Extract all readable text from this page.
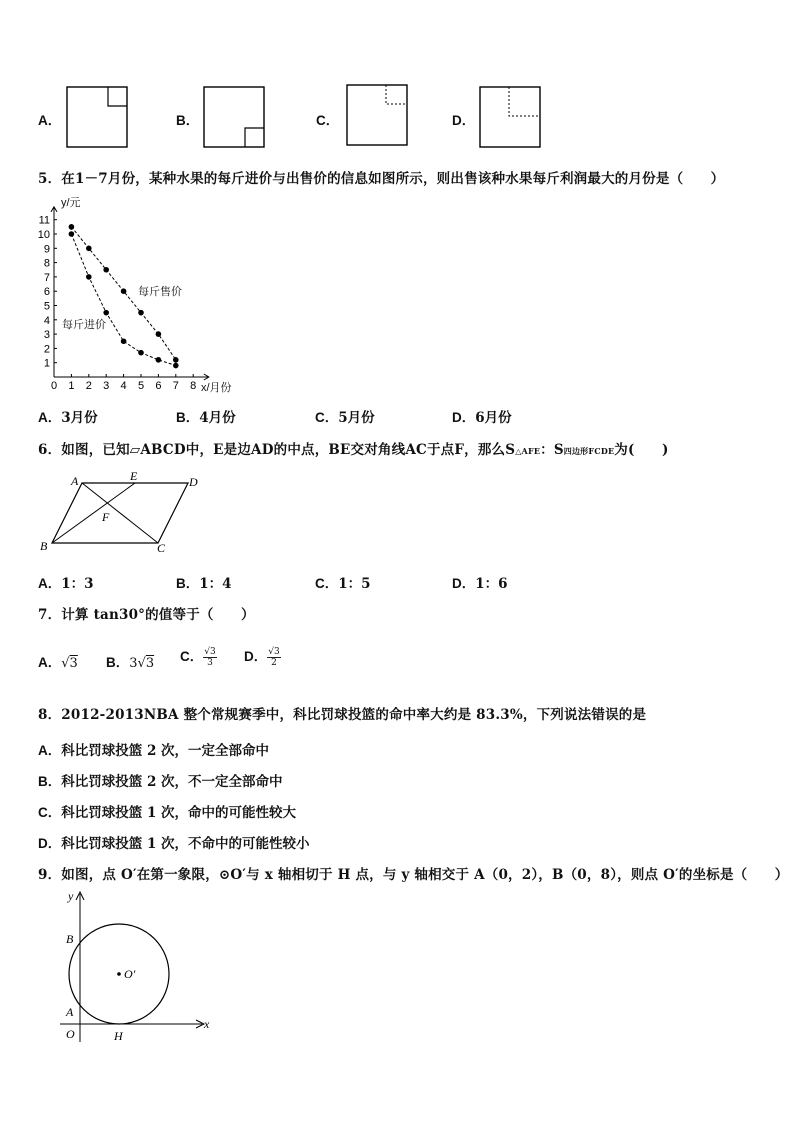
A．	B．	C．	D．
5．在1－7月份，某种水果的每斤进价与出售价的信息如图所示，则出售该种水果每斤利润最大的月份是（　　）
0 1 2 3 4 5 6 7 8
1
2
3
4
5
6
7
8
9
10
11
每斤售价
每斤进价
y/元
x/月份
A．3月份	B．4月份	C．5月份	D．6月份
6．如图，已知▱ABCD中，E是边AD的中点，BE交对角线AC于点F，那么S△AFE：S四边形FCDE为(　　)
A	E	D
F
B	C
A．1：3	B．1：4	C．1：5	D．1：6
7．计算 tan30°的值等于（　　）
A．√3 B．3√3 C． $\frac{√3}{3}$ D． $\frac{√3}{2}$
8．2012-2013NBA 整个常规赛季中，科比罚球投篮的命中率大约是 83.3%，下列说法错误的是
A．科比罚球投篮 2 次，一定全部命中
B．科比罚球投篮 2 次，不一定全部命中
C．科比罚球投篮 1 次，命中的可能性较大
D．科比罚球投篮 1 次，不命中的可能性较小
9．如图，点 O′在第一象限，⊙O′与 x 轴相切于 H 点，与 y 轴相交于 A（0，2），B（0，8），则点 O′的坐标是（　　）
y
x
B
A
O	H
O′
